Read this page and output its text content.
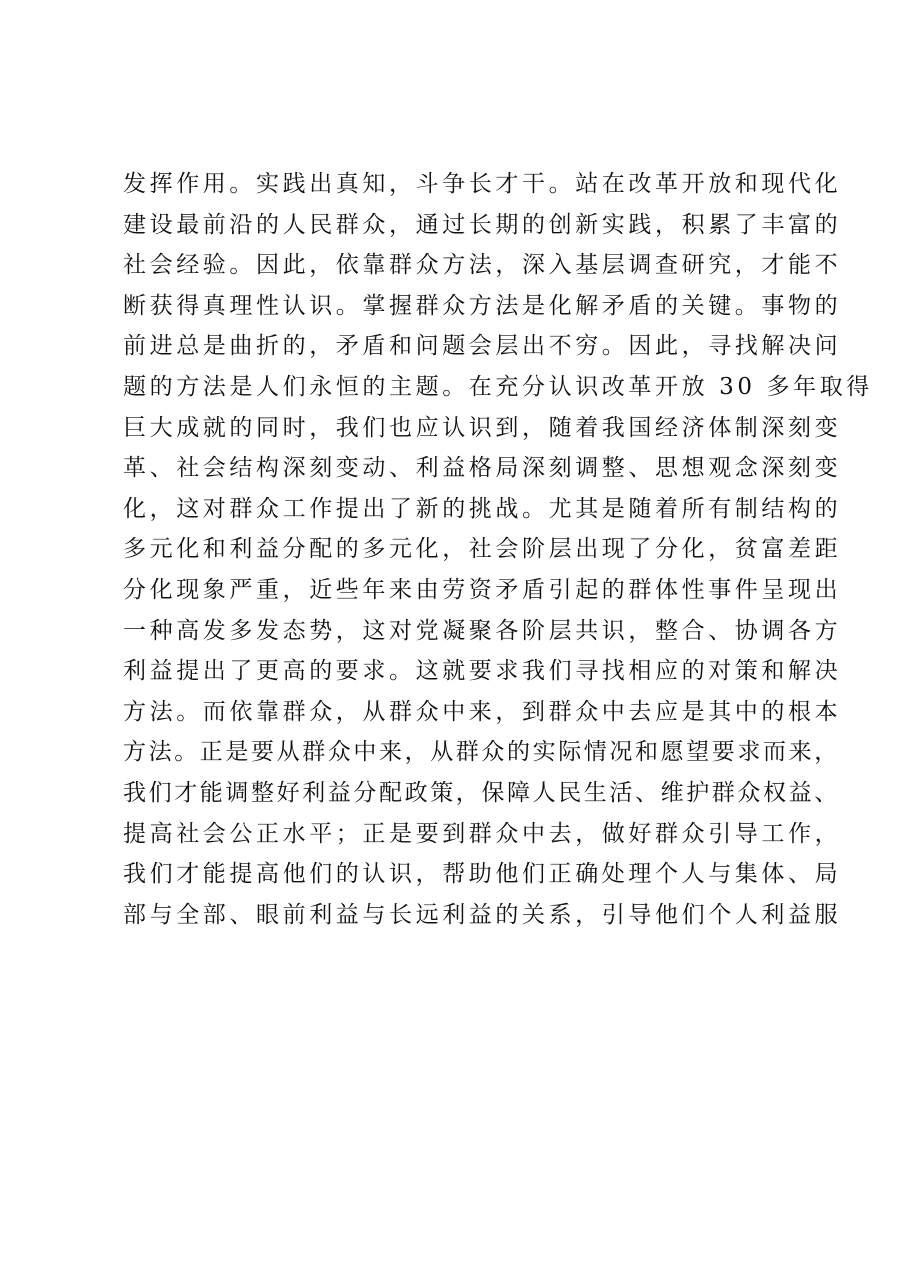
发挥作用。实践出真知，斗争长才干。站在改革开放和现代化
建设最前沿的人民群众，通过长期的创新实践，积累了丰富的
社会经验。因此，依靠群众方法，深入基层调查研究，才能不
断获得真理性认识。掌握群众方法是化解矛盾的关键。事物的
前进总是曲折的，矛盾和问题会层出不穷。因此，寻找解决问
题的方法是人们永恒的主题。在充分认识改革开放 30 多年取得
巨大成就的同时，我们也应认识到，随着我国经济体制深刻变
革、社会结构深刻变动、利益格局深刻调整、思想观念深刻变
化，这对群众工作提出了新的挑战。尤其是随着所有制结构的
多元化和利益分配的多元化，社会阶层出现了分化，贫富差距
分化现象严重，近些年来由劳资矛盾引起的群体性事件呈现出
一种高发多发态势，这对党凝聚各阶层共识，整合、协调各方
利益提出了更高的要求。这就要求我们寻找相应的对策和解决
方法。而依靠群众，从群众中来，到群众中去应是其中的根本
方法。正是要从群众中来，从群众的实际情况和愿望要求而来，
我们才能调整好利益分配政策，保障人民生活、维护群众权益、
提高社会公正水平；正是要到群众中去，做好群众引导工作，
我们才能提高他们的认识，帮助他们正确处理个人与集体、局
部与全部、眼前利益与长远利益的关系，引导他们个人利益服
